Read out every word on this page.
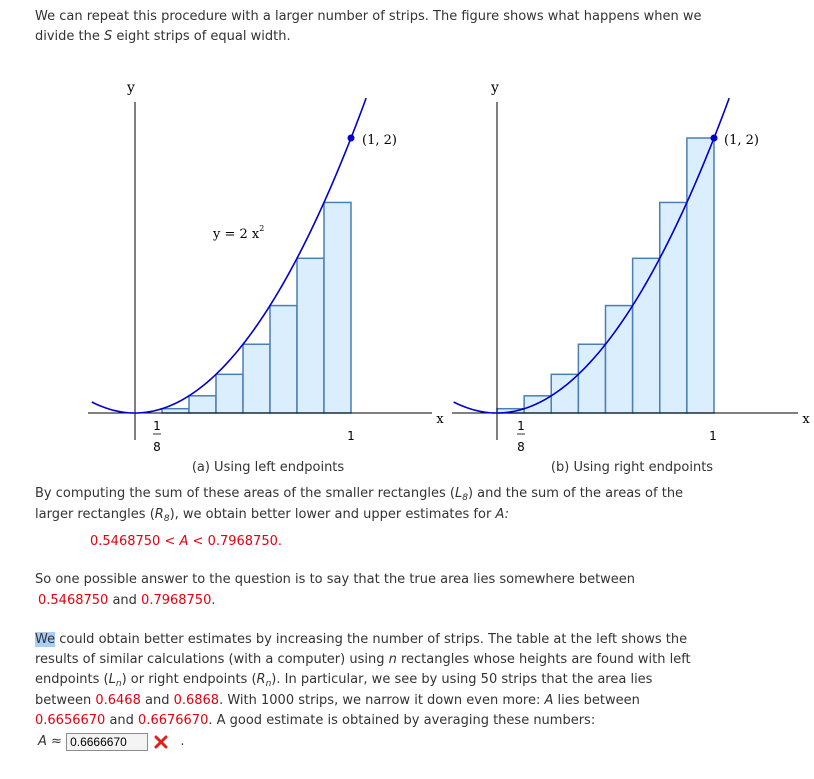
We can repeat this procedure with a larger number of strips. The figure shows what happens when we

divide the S eight strips of equal width.

y
x
(1, 2)
y = 2 $x^2$
1
8
1
(a) Using left endpoints
y
x
(1, 2)
1
8
1
(b) Using right endpoints

By computing the sum of these areas of the smaller rectangles $(L_8)$ and the sum of the areas of the

larger rectangles $(R_8)$, we obtain better lower and upper estimates for A:

0.5468750 < A < 0.7968750.

So one possible answer to the question is to say that the true area lies somewhere between

0.5468750 and 0.7968750.

We could obtain better estimates by increasing the number of strips. The table at the left shows the

results of similar calculations (with a computer) using n rectangles whose heights are found with left

endpoints $(L_n)$ or right endpoints $(R_n)$. In particular, we see by using 50 strips that the area lies

between 0.6468 and 0.6868. With 1000 strips, we narrow it down even more: A lies between

0.6656670 and 0.6676670. A good estimate is obtained by averaging these numbers:

A ≈ 0.6666670	.
